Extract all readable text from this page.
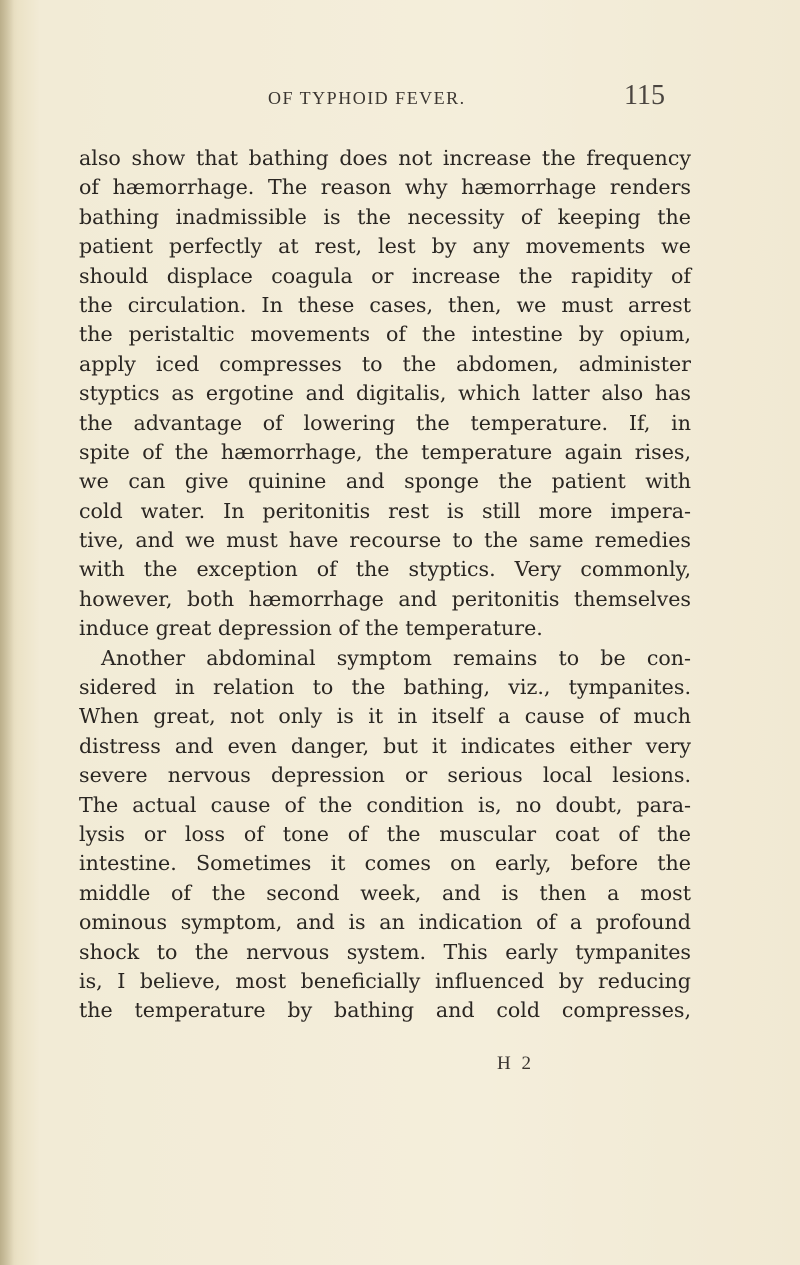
OF TYPHOID FEVER.	115
also show that bathing does not increase the frequency
of hæmorrhage. The reason why hæmorrhage renders
bathing inadmissible is the necessity of keeping the
patient perfectly at rest, lest by any movements we
should displace coagula or increase the rapidity of
the circulation. In these cases, then, we must arrest
the peristaltic movements of the intestine by opium,
apply iced compresses to the abdomen, administer
styptics as ergotine and digitalis, which latter also has
the advantage of lowering the temperature. If, in
spite of the hæmorrhage, the temperature again rises,
we can give quinine and sponge the patient with
cold water. In peritonitis rest is still more impera-
tive, and we must have recourse to the same remedies
with the exception of the styptics. Very commonly,
however, both hæmorrhage and peritonitis themselves
induce great depression of the temperature.
Another abdominal symptom remains to be con-
sidered in relation to the bathing, viz., tympanites.
When great, not only is it in itself a cause of much
distress and even danger, but it indicates either very
severe nervous depression or serious local lesions.
The actual cause of the condition is, no doubt, para-
lysis or loss of tone of the muscular coat of the
intestine. Sometimes it comes on early, before the
middle of the second week, and is then a most
ominous symptom, and is an indication of a profound
shock to the nervous system. This early tympanites
is, I believe, most beneficially influenced by reducing
the temperature by bathing and cold compresses,
H 2
